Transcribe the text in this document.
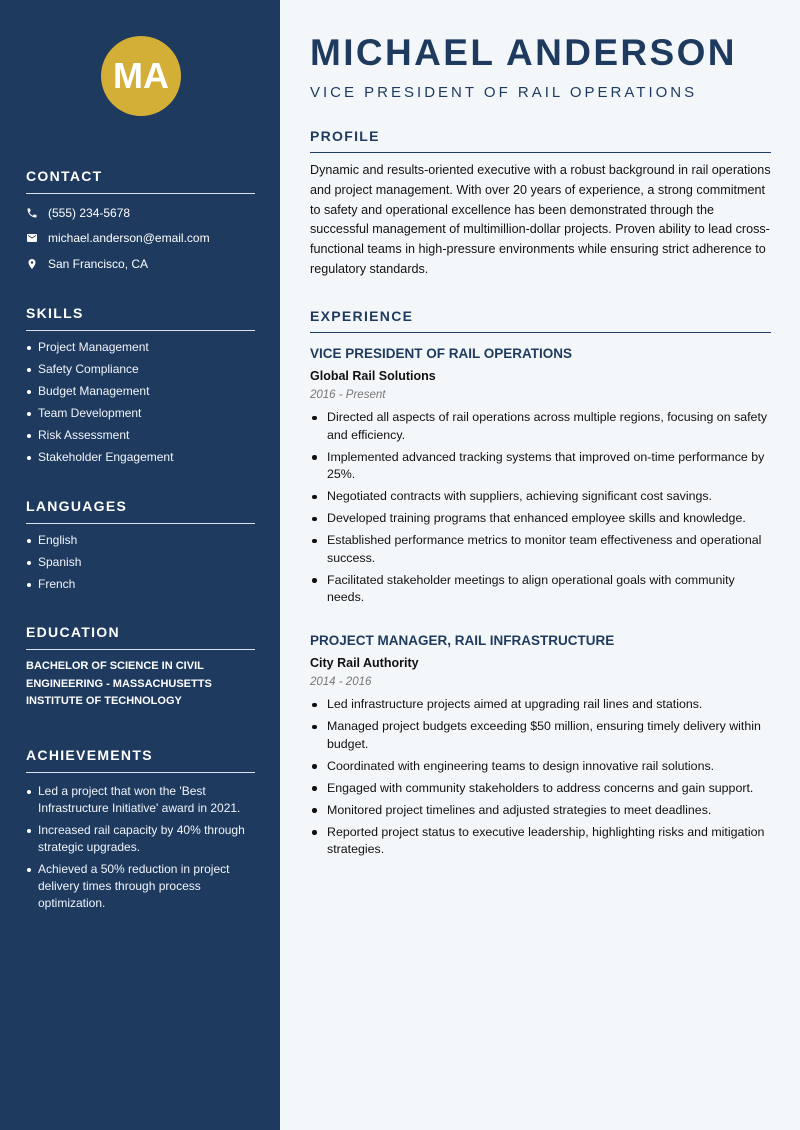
MA
CONTACT
(555) 234-5678
michael.anderson@email.com
San Francisco, CA
SKILLS
Project Management
Safety Compliance
Budget Management
Team Development
Risk Assessment
Stakeholder Engagement
LANGUAGES
English
Spanish
French
EDUCATION
BACHELOR OF SCIENCE IN CIVIL ENGINEERING - MASSACHUSETTS INSTITUTE OF TECHNOLOGY
ACHIEVEMENTS
Led a project that won the 'Best Infrastructure Initiative' award in 2021.
Increased rail capacity by 40% through strategic upgrades.
Achieved a 50% reduction in project delivery times through process optimization.
MICHAEL ANDERSON
VICE PRESIDENT OF RAIL OPERATIONS
PROFILE
Dynamic and results-oriented executive with a robust background in rail operations and project management. With over 20 years of experience, a strong commitment to safety and operational excellence has been demonstrated through the successful management of multimillion-dollar projects. Proven ability to lead cross-functional teams in high-pressure environments while ensuring strict adherence to regulatory standards.
EXPERIENCE
VICE PRESIDENT OF RAIL OPERATIONS
Global Rail Solutions
2016 - Present
Directed all aspects of rail operations across multiple regions, focusing on safety and efficiency.
Implemented advanced tracking systems that improved on-time performance by 25%.
Negotiated contracts with suppliers, achieving significant cost savings.
Developed training programs that enhanced employee skills and knowledge.
Established performance metrics to monitor team effectiveness and operational success.
Facilitated stakeholder meetings to align operational goals with community needs.
PROJECT MANAGER, RAIL INFRASTRUCTURE
City Rail Authority
2014 - 2016
Led infrastructure projects aimed at upgrading rail lines and stations.
Managed project budgets exceeding $50 million, ensuring timely delivery within budget.
Coordinated with engineering teams to design innovative rail solutions.
Engaged with community stakeholders to address concerns and gain support.
Monitored project timelines and adjusted strategies to meet deadlines.
Reported project status to executive leadership, highlighting risks and mitigation strategies.
